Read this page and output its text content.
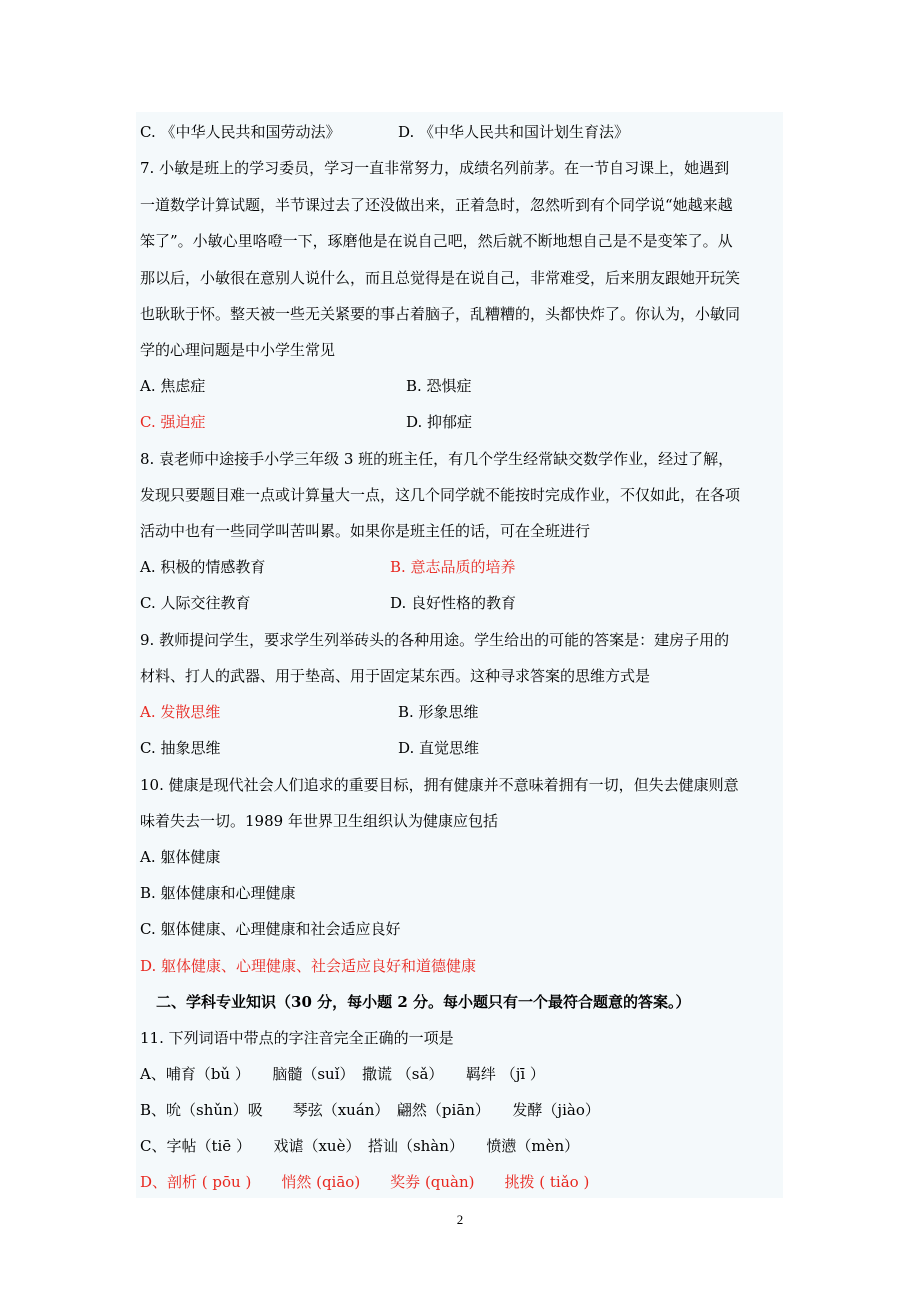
C. 《中华人民共和国劳动法》	D. 《中华人民共和国计划生育法》
7. 小敏是班上的学习委员，学习一直非常努力，成绩名列前茅。在一节自习课上，她遇到
一道数学计算试题，半节课过去了还没做出来，正着急时，忽然听到有个同学说“她越来越
笨了”。小敏心里咯噔一下，琢磨他是在说自己吧，然后就不断地想自己是不是变笨了。从
那以后，小敏很在意别人说什么，而且总觉得是在说自己，非常难受，后来朋友跟她开玩笑
也耿耿于怀。整天被一些无关紧要的事占着脑子，乱糟糟的，头都快炸了。你认为，小敏同
学的心理问题是中小学生常见
A. 焦虑症	B. 恐惧症
C. 强迫症	D. 抑郁症
8. 袁老师中途接手小学三年级 3 班的班主任，有几个学生经常缺交数学作业，经过了解，
发现只要题目难一点或计算量大一点，这几个同学就不能按时完成作业，不仅如此，在各项
活动中也有一些同学叫苦叫累。如果你是班主任的话，可在全班进行
A. 积极的情感教育	B. 意志品质的培养
C. 人际交往教育	D. 良好性格的教育
9. 教师提问学生，要求学生列举砖头的各种用途。学生给出的可能的答案是：建房子用的
材料、打人的武器、用于垫高、用于固定某东西。这种寻求答案的思维方式是
A. 发散思维	B. 形象思维
C. 抽象思维	D. 直觉思维
10. 健康是现代社会人们追求的重要目标，拥有健康并不意味着拥有一切，但失去健康则意
味着失去一切。1989 年世界卫生组织认为健康应包括
A. 躯体健康
B. 躯体健康和心理健康
C. 躯体健康、心理健康和社会适应良好
D. 躯体健康、心理健康、社会适应良好和道德健康
二、学科专业知识（30 分，每小题 2 分。每小题只有一个最符合题意的答案。）
11. 下列词语中带点的字注音完全正确的一项是
A、哺育（bǔ ）　　脑髓（suǐ）　撒谎 （sǎ）　　羁绊 （jī ）
B、吮（shǔn）吸　　琴弦（xuán）　翩然（piān）　　发酵（jiào）
C、字帖（tiē ）　　戏谑（xuè）　搭讪（shàn）　　愤懑（mèn）
D、剖析 ( pōu )　　悄然 (qiāo)　　奖券 (quàn)　　挑拨 ( tiǎo )
2
